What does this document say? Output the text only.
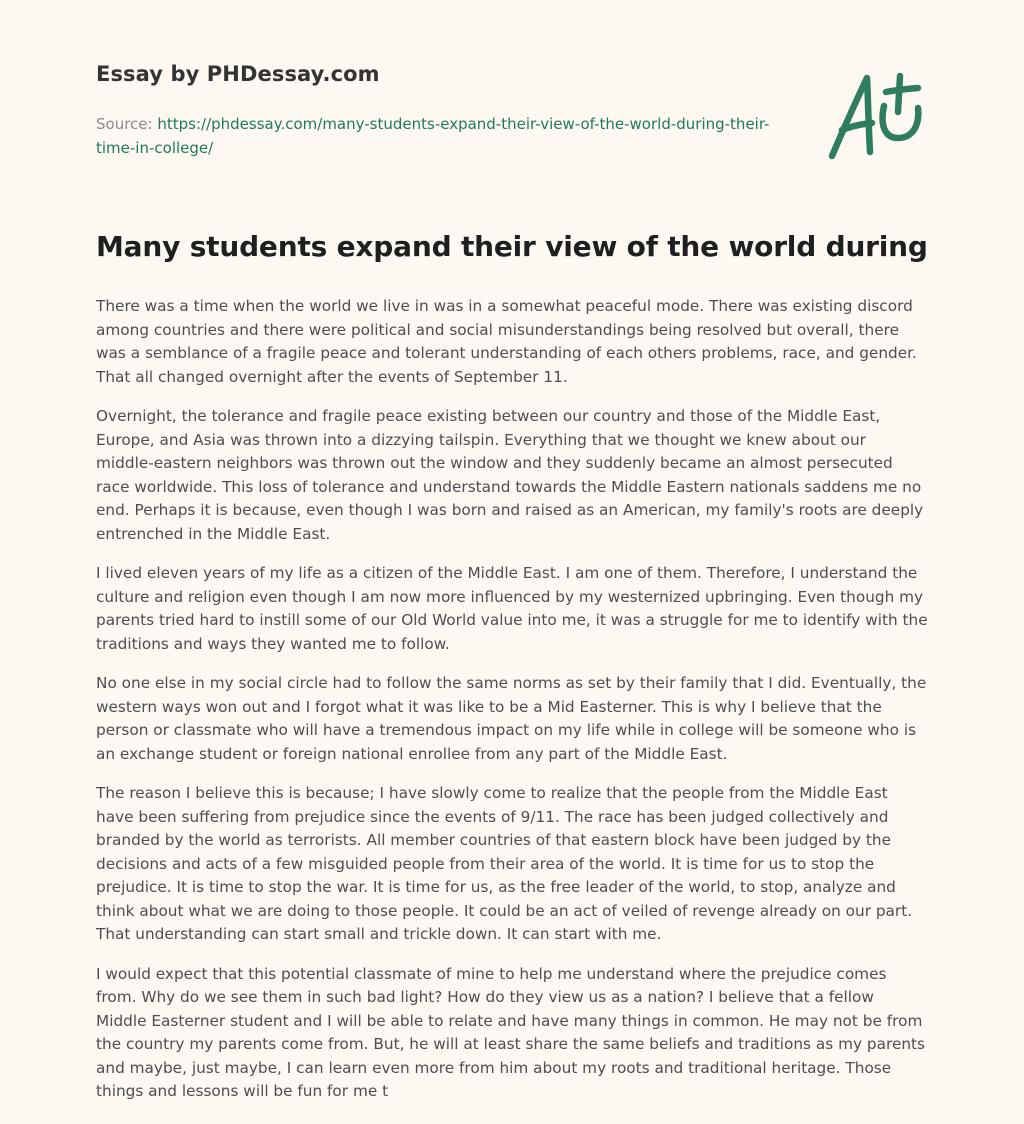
Essay by PHDessay.com
Source: https://phdessay.com/many-students-expand-their-view-of-the-world-during-their-time-in-college/
Many students expand their view of the world during

There was a time when the world we live in was in a somewhat peaceful mode. There was existing discord among countries and there were political and social misunderstandings being resolved but overall, there was a semblance of a fragile peace and tolerant understanding of each others problems, race, and gender. That all changed overnight after the events of September 11.

Overnight, the tolerance and fragile peace existing between our country and those of the Middle East, Europe, and Asia was thrown into a dizzying tailspin. Everything that we thought we knew about our middle-eastern neighbors was thrown out the window and they suddenly became an almost persecuted race worldwide. This loss of tolerance and understand towards the Middle Eastern nationals saddens me no end. Perhaps it is because, even though I was born and raised as an American, my family's roots are deeply entrenched in the Middle East.

I lived eleven years of my life as a citizen of the Middle East. I am one of them. Therefore, I understand the culture and religion even though I am now more influenced by my westernized upbringing. Even though my parents tried hard to instill some of our Old World value into me, it was a struggle for me to identify with the traditions and ways they wanted me to follow.

No one else in my social circle had to follow the same norms as set by their family that I did. Eventually, the western ways won out and I forgot what it was like to be a Mid Easterner. This is why I believe that the person or classmate who will have a tremendous impact on my life while in college will be someone who is an exchange student or foreign national enrollee from any part of the Middle East.

The reason I believe this is because; I have slowly come to realize that the people from the Middle East have been suffering from prejudice since the events of 9/11. The race has been judged collectively and branded by the world as terrorists. All member countries of that eastern block have been judged by the decisions and acts of a few misguided people from their area of the world. It is time for us to stop the prejudice. It is time to stop the war. It is time for us, as the free leader of the world, to stop, analyze and think about what we are doing to those people. It could be an act of veiled of revenge already on our part. That understanding can start small and trickle down. It can start with me.

I would expect that this potential classmate of mine to help me understand where the prejudice comes from. Why do we see them in such bad light? How do they view us as a nation? I believe that a fellow Middle Easterner student and I will be able to relate and have many things in common. He may not be from the country my parents come from. But, he will at least share the same beliefs and traditions as my parents and maybe, just maybe, I can learn even more from him about my roots and traditional heritage. Those things and lessons will be fun for me t
